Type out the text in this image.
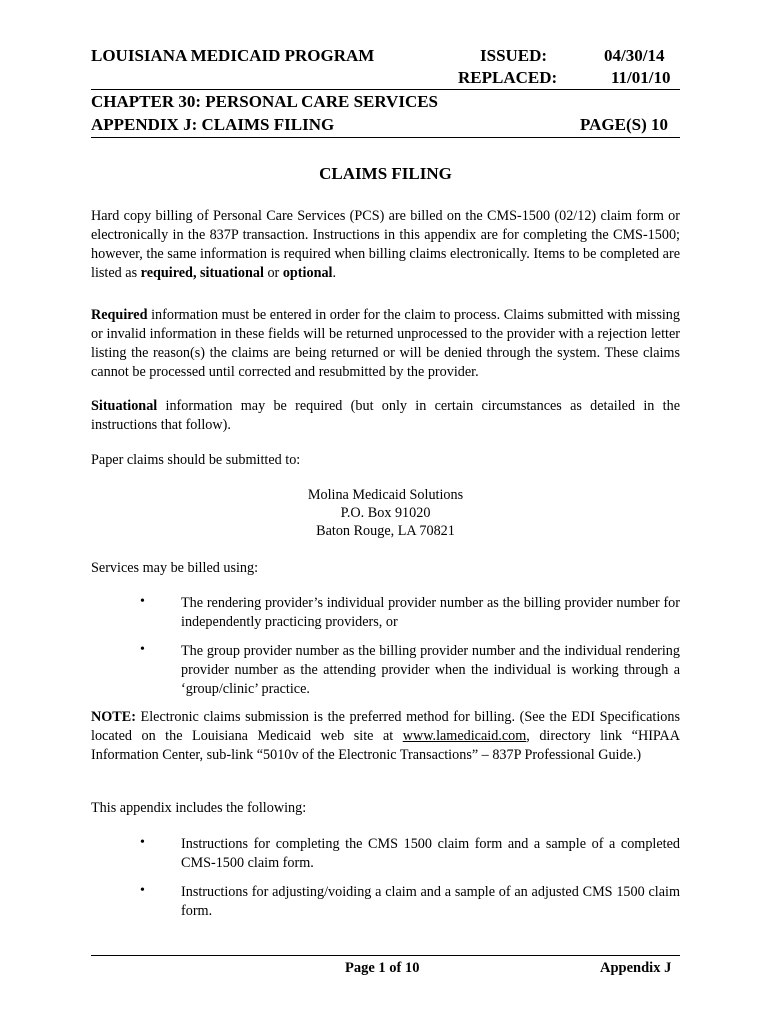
LOUISIANA MEDICAID PROGRAM	ISSUED:	04/30/14
REPLACED:	11/01/10
CHAPTER 30: PERSONAL CARE SERVICES
APPENDIX J: CLAIMS FILING	PAGE(S) 10
CLAIMS FILING
Hard copy billing of Personal Care Services (PCS) are billed on the CMS-1500 (02/12) claim form or electronically in the 837P transaction. Instructions in this appendix are for completing the CMS-1500; however, the same information is required when billing claims electronically. Items to be completed are listed as required, situational or optional.
Required information must be entered in order for the claim to process. Claims submitted with missing or invalid information in these fields will be returned unprocessed to the provider with a rejection letter listing the reason(s) the claims are being returned or will be denied through the system. These claims cannot be processed until corrected and resubmitted by the provider.
Situational information may be required (but only in certain circumstances as detailed in the instructions that follow).
Paper claims should be submitted to:
Molina Medicaid Solutions
P.O. Box 91020
Baton Rouge, LA 70821
Services may be billed using:
•	The rendering provider’s individual provider number as the billing provider number for independently practicing providers, or
•	The group provider number as the billing provider number and the individual rendering provider number as the attending provider when the individual is working through a ‘group/clinic’ practice.
NOTE: Electronic claims submission is the preferred method for billing. (See the EDI Specifications located on the Louisiana Medicaid web site at www.lamedicaid.com, directory link “HIPAA Information Center, sub-link “5010v of the Electronic Transactions” – 837P Professional Guide.)
This appendix includes the following:
•	Instructions for completing the CMS 1500 claim form and a sample of a completed CMS-1500 claim form.
•	Instructions for adjusting/voiding a claim and a sample of an adjusted CMS 1500 claim form.
Page 1 of 10	Appendix J
